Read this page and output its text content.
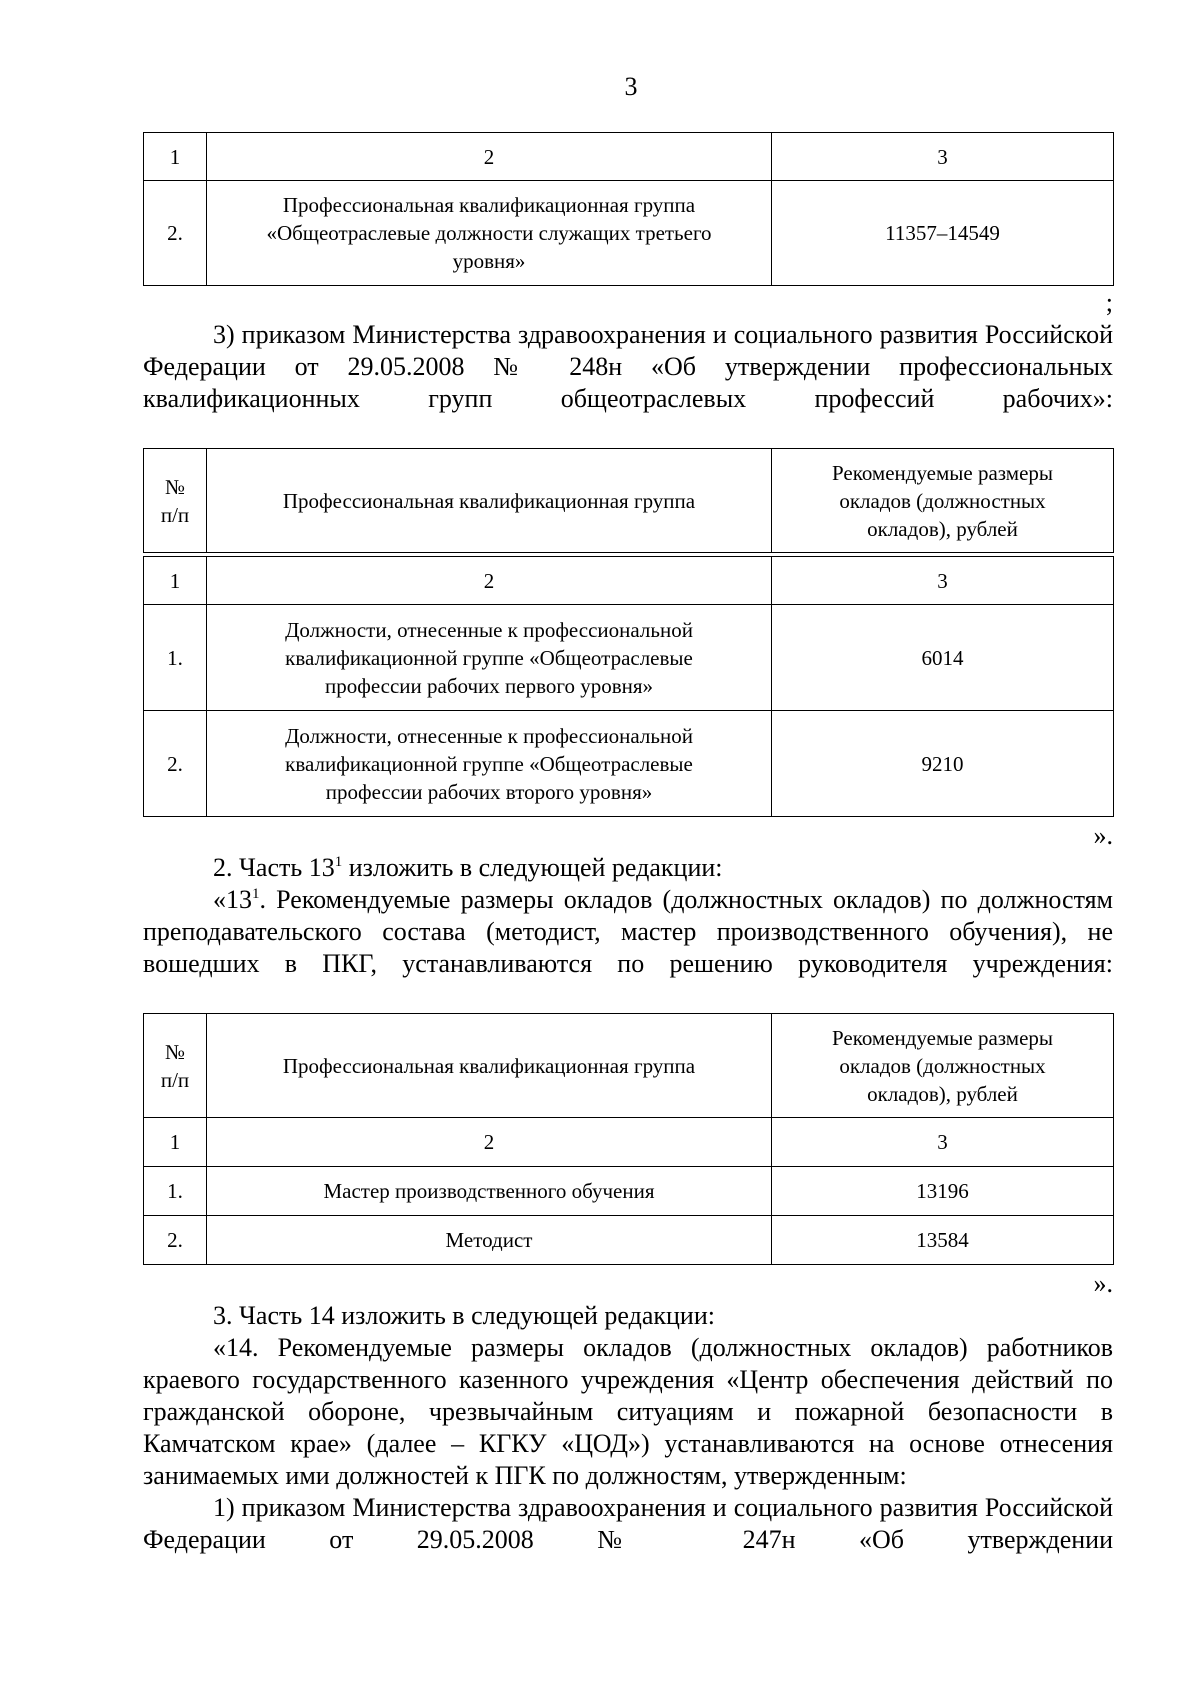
3
1	2	3
2.	Профессиональная квалификационная группа «Общеотраслевые должности служащих третьего уровня»	11357–14549
;

3) приказом Министерства здравоохранения и социального развития Российской Федерации от 29.05.2008 № 248н «Об утверждении профессиональных квалификационных групп общеотраслевых профессий рабочих»:

№ п/п	Профессиональная квалификационная группа	Рекомендуемые размеры окладов (должностных окладов), рублей
1	2	3
1.	Должности, отнесенные к профессиональной квалификационной группе «Общеотраслевые профессии рабочих первого уровня»	6014
2.	Должности, отнесенные к профессиональной квалификационной группе «Общеотраслевые профессии рабочих второго уровня»	9210
».
2. Часть $13^1$ изложить в следующей редакции:

«$13^1$. Рекомендуемые размеры окладов (должностных окладов) по должностям преподавательского состава (методист, мастер производственного обучения), не вошедших в ПКГ, устанавливаются по решению руководителя учреждения:

№ п/п	Профессиональная квалификационная группа	Рекомендуемые размеры окладов (должностных окладов), рублей
1	2	3
1.	Мастер производственного обучения	13196
2.	Методист	13584
».
3. Часть 14 изложить в следующей редакции:

«14. Рекомендуемые размеры окладов (должностных окладов) работников краевого государственного казенного учреждения «Центр обеспечения действий по гражданской обороне, чрезвычайным ситуациям и пожарной безопасности в Камчатском крае» (далее – КГКУ «ЦОД») устанавливаются на основе отнесения занимаемых ими должностей к ПГК по должностям, утвержденным:

1) приказом Министерства здравоохранения и социального развития Российской Федерации от 29.05.2008 № 247н «Об утверждении
